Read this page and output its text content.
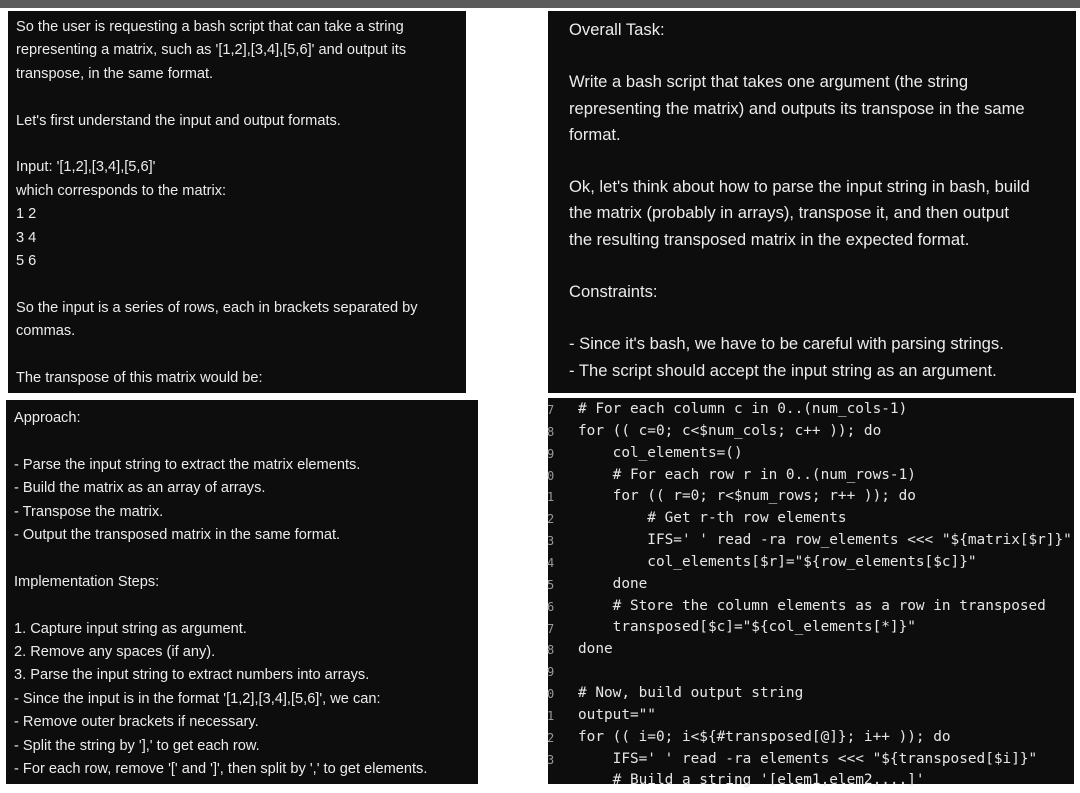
So the user is requesting a bash script that can take a string
representing a matrix, such as '[1,2],[3,4],[5,6]' and output its
transpose, in the same format.

Let's first understand the input and output formats.

Input: '[1,2],[3,4],[5,6]'
which corresponds to the matrix:
1 2
3 4
5 6

So the input is a series of rows, each in brackets separated by
commas.

The transpose of this matrix would be:
Overall Task:

Write a bash script that takes one argument (the string
representing the matrix) and outputs its transpose in the same
format.

Ok, let's think about how to parse the input string in bash, build
the matrix (probably in arrays), transpose it, and then output
the resulting transposed matrix in the expected format.

Constraints:

- Since it's bash, we have to be careful with parsing strings.
- The script should accept the input string as an argument.
Approach:

- Parse the input string to extract the matrix elements.
- Build the matrix as an array of arrays.
- Transpose the matrix.
- Output the transposed matrix in the same format.

Implementation Steps:

1. Capture input string as argument.
2. Remove any spaces (if any).
3. Parse the input string to extract numbers into arrays.
- Since the input is in the format '[1,2],[3,4],[5,6]', we can:
- Remove outer brackets if necessary.
- Split the string by '],' to get each row.
- For each row, remove '[' and ']', then split by ',' to get elements.
7
8
9
0
1
2
3
4
5
6
7
8
9
0
1
2
3
# For each column c in 0..(num_cols-1)
for (( c=0; c<$num_cols; c++ )); do
col_elements=()
# For each row r in 0..(num_rows-1)
for (( r=0; r<$num_rows; r++ )); do
# Get r-th row elements
IFS=' ' read -ra row_elements <<< "${matrix[$r]}"
col_elements[$r]="${row_elements[$c]}"
done
# Store the column elements as a row in transposed
transposed[$c]="${col_elements[*]}"
done

# Now, build output string
output=""
for (( i=0; i<${#transposed[@]}; i++ )); do
IFS=' ' read -ra elements <<< "${transposed[$i]}"
# Build a string '[elem1,elem2,...]'
